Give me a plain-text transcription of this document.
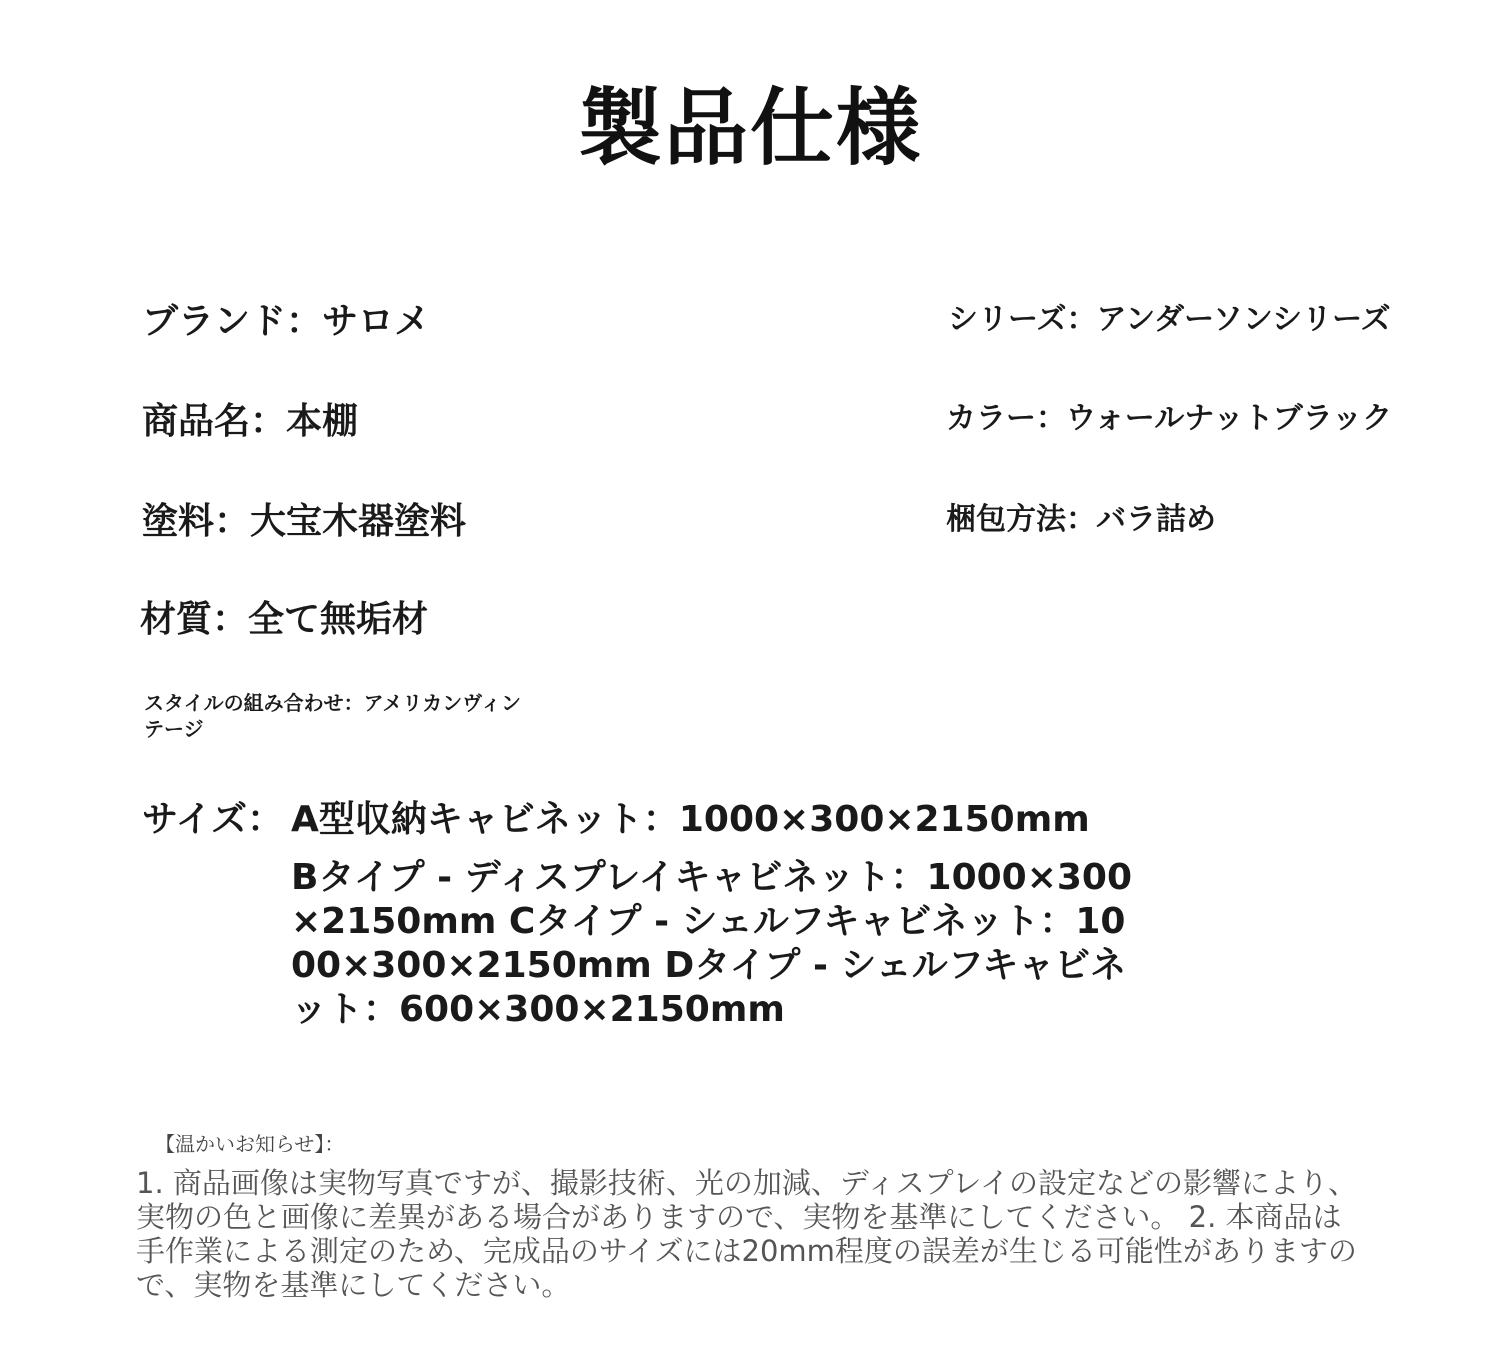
製品仕様
ブランド：サロメ
商品名：本棚
塗料：大宝木器塗料
材質：全て無垢材
シリーズ：アンダーソンシリーズ
カラー：ウォールナットブラック
梱包方法：バラ詰め
スタイルの組み合わせ：アメリカンヴィンテージ
サイズ： A型収納キャビネット：1000×300×2150mm
Bタイプ - ディスプレイキャビネット：1000×300×2150mm Cタイプ - シェルフキャビネット：1000×300×2150mm Dタイプ - シェルフキャビネット：600×300×2150mm
【温かいお知らせ】：
1. 商品画像は実物写真ですが、撮影技術、光の加減、ディスプレイの設定などの影響により、実物の色と画像に差異がある場合がありますので、実物を基準にしてください。 2. 本商品は手作業による測定のため、完成品のサイズには20mm程度の誤差が生じる可能性がありますので、実物を基準にしてください。
